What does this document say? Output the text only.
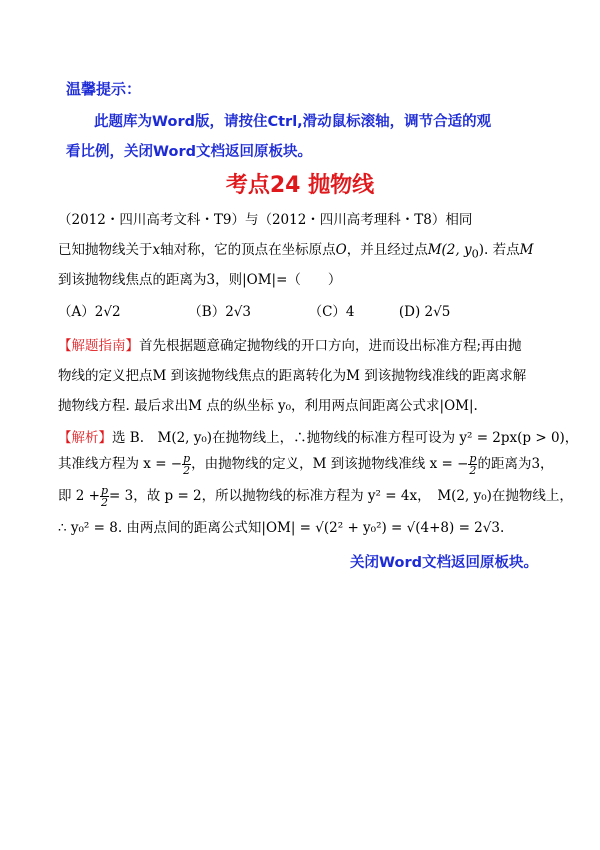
温馨提示：
此题库为Word版，请按住Ctrl,滑动鼠标滚轴，调节合适的观
看比例，关闭Word文档返回原板块。
考点24 抛物线
（2012・四川高考文科・T9）与（2012・四川高考理科・T8）相同
已知抛物线关于x轴对称，它的顶点在坐标原点O，并且经过点M(2, $y_0$). 若点M
到该抛物线焦点的距离为3，则|OM|=（　　）
（A）2√2	（B）2√3	（C）4	(D) 2√5
【解题指南】首先根据题意确定抛物线的开口方向，进而设出标准方程;再由抛
物线的定义把点M 到该抛物线焦点的距离转化为M 到该抛物线准线的距离求解
抛物线方程. 最后求出M 点的纵坐标 y₀，利用两点间距离公式求|OM|.
【解析】选 B.　M(2, y₀)在抛物线上，∴抛物线的标准方程可设为 y² = 2px(p > 0)，
其准线方程为 x = − $\frac{p}{2}$ ，由抛物线的定义，M 到该抛物线准线 x = − $\frac{p}{2}$ 的距离为3，
即 $2 + \frac{p}{2} = 3$，故 p = 2，所以抛物线的标准方程为 y² = 4x，　M(2, y₀)在抛物线上，
∴ y₀² = 8. 由两点间的距离公式知|OM| = √(2² + y₀²) = √(4+8) = 2√3.
关闭Word文档返回原板块。
